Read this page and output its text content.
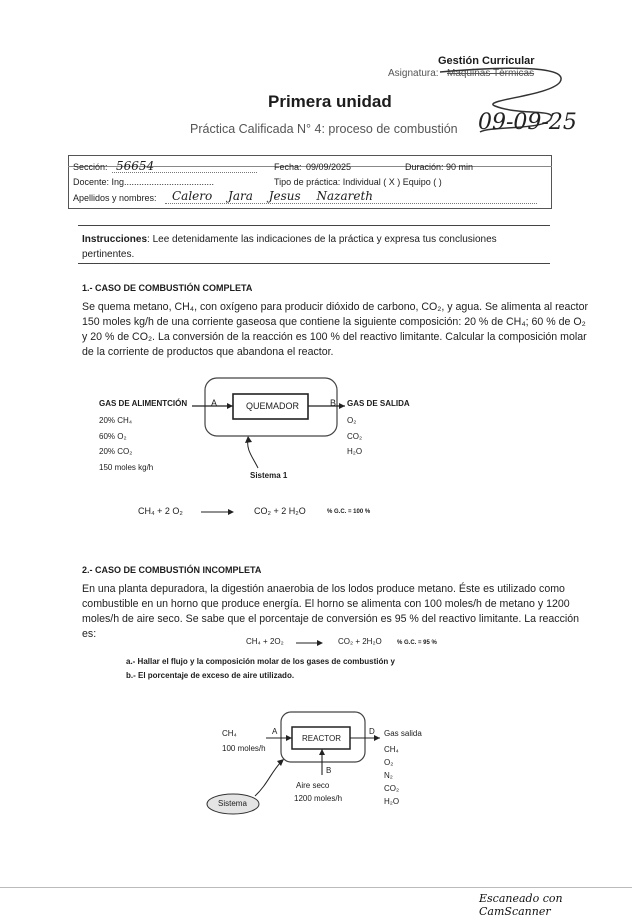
Gestión Curricular
Asignatura: Maquinas Térmicas
09-09-25
Primera unidad
Práctica Calificada N° 4: proceso de combustión
Sección: 56654	Fecha: 09/09/2025	Duración: 90 min
Docente: Ing....................................	Tipo de práctica: Individual ( X ) Equipo ( )
Apellidos y nombres: Calero Jara Jesus Nazareth
Instrucciones: Lee detenidamente las indicaciones de la práctica y expresa tus conclusiones pertinentes.
1.- CASO DE COMBUSTIÓN COMPLETA
Se quema metano, CH₄, con oxígeno para producir dióxido de carbono, CO₂, y agua. Se alimenta al reactor
150 moles kg/h de una corriente gaseosa que contiene la siguiente composición: 20 % de CH₄; 60 % de O₂
y 20 % de CO₂. La conversión de la reacción es 100 % del reactivo limitante. Calcular la composición molar
de la corriente de productos que abandona el reactor.
GAS DE ALIMENTCIÓN
20% CH₄
60% O₂
20% CO₂
150 moles kg/h
A	QUEMADOR	B GAS DE SALIDA
O₂
CO₂
H₂O
Sistema 1
CH₄ + 2 O₂	CO₂ + 2 H₂O	% G.C. = 100 %
2.- CASO DE COMBUSTIÓN INCOMPLETA
En una planta depuradora, la digestión anaerobia de los lodos produce metano. Éste es utilizado como
combustible en un horno que produce energía. El horno se alimenta con 100 moles/h de metano y 1200
moles/h de aire seco. Se sabe que el porcentaje de conversión es 95 % del reactivo limitante. La reacción
es:
CH₄ + 2O₂	CO₂ + 2H₂O	% G.C. = 95 %
a.- Hallar el flujo y la composición molar de los gases de combustión y
b.- El porcentaje de exceso de aire utilizado.
CH₄
100 moles/h
A
REACTOR
D Gas salida
CH₄
O₂
N₂
CO₂
H₂O
B
Aire seco
1200 moles/h
Sistema
Escaneado con CamScanner
